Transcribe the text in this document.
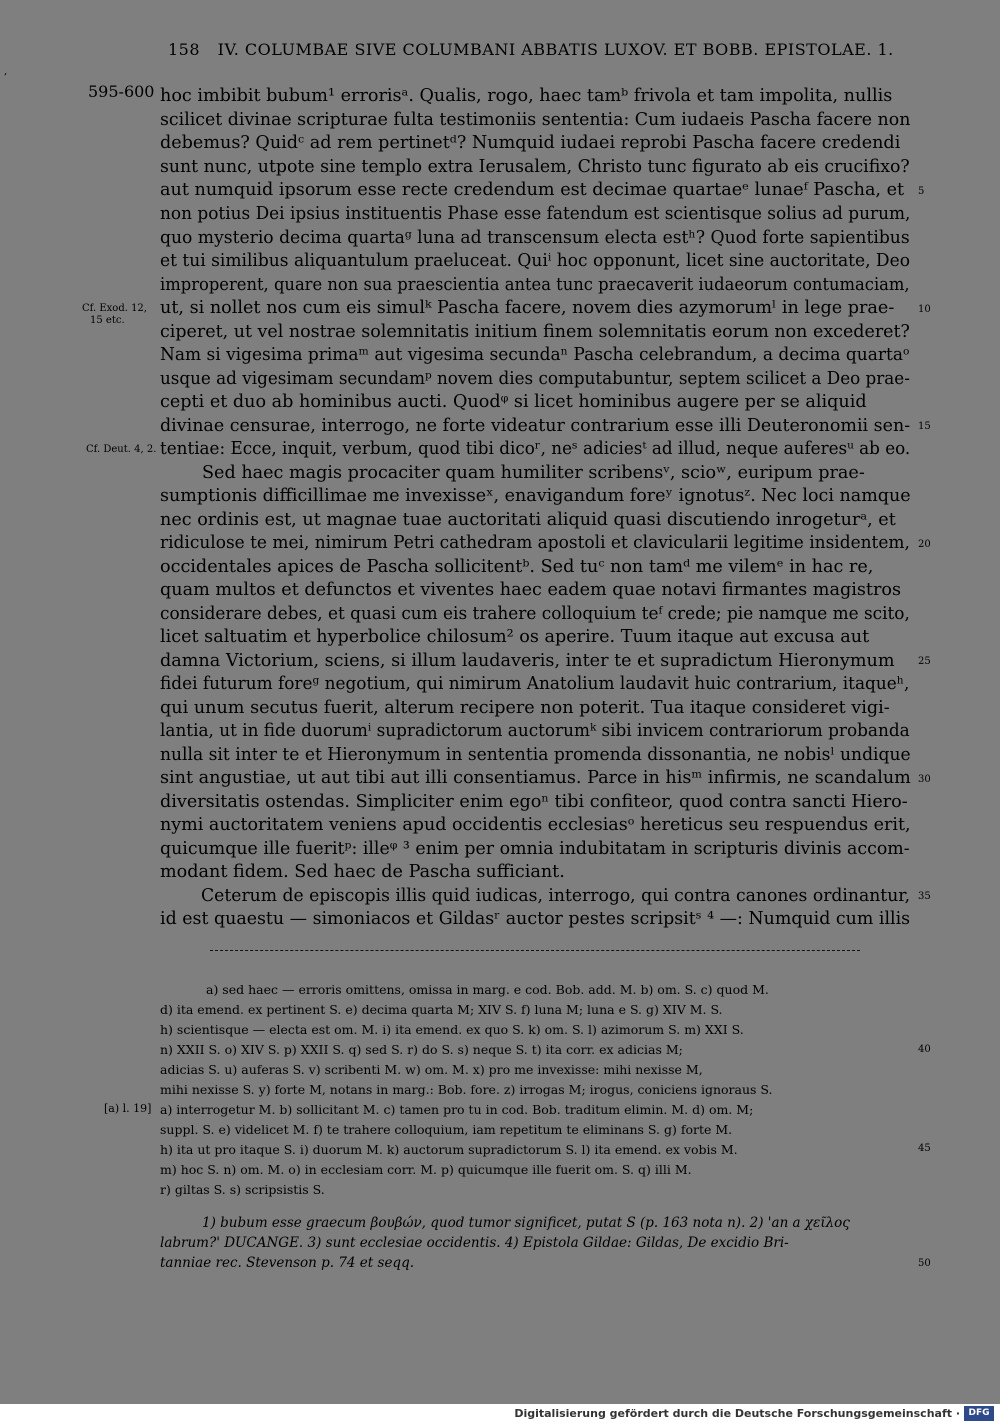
,
158 IV. COLUMBAE SIVE COLUMBANI ABBATIS LUXOV. ET BOBB. EPISTOLAE. 1.
595-600
Cf. Exod. 12,
15 etc.
Cf. Deut. 4, 2.
hoc imbibit bubum¹ errorisᵃ. Qualis, rogo, haec tamᵇ frivola et tam impolita, nullis
scilicet divinae scripturae fulta testimoniis sententia: Cum iudaeis Pascha facere non
debemus? Quidᶜ ad rem pertinetᵈ? Numquid iudaei reprobi Pascha facere credendi
sunt nunc, utpote sine templo extra Ierusalem, Christo tunc figurato ab eis crucifixo?
aut numquid ipsorum esse recte credendum est decimae quartaeᵉ lunaeᶠ Pascha, et
non potius Dei ipsius instituentis Phase esse fatendum est scientisque solius ad purum,
quo mysterio decima quartaᵍ luna ad transcensum electa estʰ? Quod forte sapientibus
et tui similibus aliquantulum praeluceat. Quiⁱ hoc opponunt, licet sine auctoritate, Deo
improperent, quare non sua praescientia antea tunc praecaverit iudaeorum contumaciam,
ut, si nollet nos cum eis simulᵏ Pascha facere, novem dies azymorumˡ in lege prae-
ciperet, ut vel nostrae solemnitatis initium finem solemnitatis eorum non excederet?
Nam si vigesima primaᵐ aut vigesima secundaⁿ Pascha celebrandum, a decima quartaᵒ
usque ad vigesimam secundamᵖ novem dies computabuntur, septem scilicet a Deo prae-
cepti et duo ab hominibus aucti. Quodᵠ si licet hominibus augere per se aliquid
divinae censurae, interrogo, ne forte videatur contrarium esse illi Deuteronomii sen-
tentiae: Ecce, inquit, verbum, quod tibi dicoʳ, neˢ adiciesᵗ ad illud, neque auferesᵘ ab eo.
Sed haec magis procaciter quam humiliter scribensᵛ, scioʷ, euripum prae-
sumptionis difficillimae me invexisseˣ, enavigandum foreʸ ignotusᶻ. Nec loci namque
nec ordinis est, ut magnae tuae auctoritati aliquid quasi discutiendo inrogeturᵃ, et
ridiculose te mei, nimirum Petri cathedram apostoli et clavicularii legitime insidentem,
occidentales apices de Pascha sollicitentᵇ. Sed tuᶜ non tamᵈ me vilemᵉ in hac re,
quam multos et defunctos et viventes haec eadem quae notavi firmantes magistros
considerare debes, et quasi cum eis trahere colloquium teᶠ crede; pie namque me scito,
licet saltuatim et hyperbolice chilosum² os aperire. Tuum itaque aut excusa aut
damna Victorium, sciens, si illum laudaveris, inter te et supradictum Hieronymum
fidei futurum foreᵍ negotium, qui nimirum Anatolium laudavit huic contrarium, itaqueʰ,
qui unum secutus fuerit, alterum recipere non poterit. Tua itaque consideret vigi-
lantia, ut in fide duorumⁱ supradictorum auctorumᵏ sibi invicem contrariorum probanda
nulla sit inter te et Hieronymum in sententia promenda dissonantia, ne nobisˡ undique
sint angustiae, ut aut tibi aut illi consentiamus. Parce in hisᵐ infirmis, ne scandalum
diversitatis ostendas. Simpliciter enim egoⁿ tibi confiteor, quod contra sancti Hiero-
nymi auctoritatem veniens apud occidentis ecclesiasᵒ hereticus seu respuendus erit,
quicumque ille fueritᵖ: illeᵠ ³ enim per omnia indubitatam in scripturis divinis accom-
modant fidem. Sed haec de Pascha sufficiant.
Ceterum de episcopis illis quid iudicas, interrogo, qui contra canones ordinantur,
id est quaestu — simoniacos et Gildasʳ auctor pestes scripsitˢ ⁴ —: Numquid cum illis
5
10
15
20
25
30
35
a) sed haec — erroris omittens, omissa in marg. e cod. Bob. add. M. b) om. S. c) quod M.
d) ita emend. ex pertinent S. e) decima quarta M; XIV S. f) luna M; luna e S. g) XIV M. S.
h) scientisque — electa est om. M. i) ita emend. ex quo S. k) om. S. l) azimorum S. m) XXI S.
n) XXII S. o) XIV S. p) XXII S. q) sed S. r) do S. s) neque S. t) ita corr. ex adicias M;
adicias S. u) auferas S. v) scribenti M. w) om. M. x) pro me invexisse: mihi nexisse M,
mihi nexisse S. y) forte M, notans in marg.: Bob. fore. z) irrogas M; irogus, coniciens ignoraus S.
a) interrogetur M. b) sollicitant M. c) tamen pro tu in cod. Bob. traditum elimin. M. d) om. M;
suppl. S. e) videlicet M. f) te trahere colloquium, iam repetitum te eliminans S. g) forte M.
h) ita ut pro itaque S. i) duorum M. k) auctorum supradictorum S. l) ita emend. ex vobis M.
m) hoc S. n) om. M. o) in ecclesiam corr. M. p) quicumque ille fuerit om. S. q) illi M.
r) giltas S. s) scripsistis S.
[a) l. 19]
40
45
50
1) bubum esse graecum βουβών, quod tumor significet, putat S (p. 163 nota n). 2) 'an a χεῖλος
labrum?' DUCANGE. 3) sunt ecclesiae occidentis. 4) Epistola Gildae: Gildas, De excidio Bri-
tanniae rec. Stevenson p. 74 et seqq.
Digitalisierung gefördert durch die Deutsche Forschungsgemeinschaft · DFG
